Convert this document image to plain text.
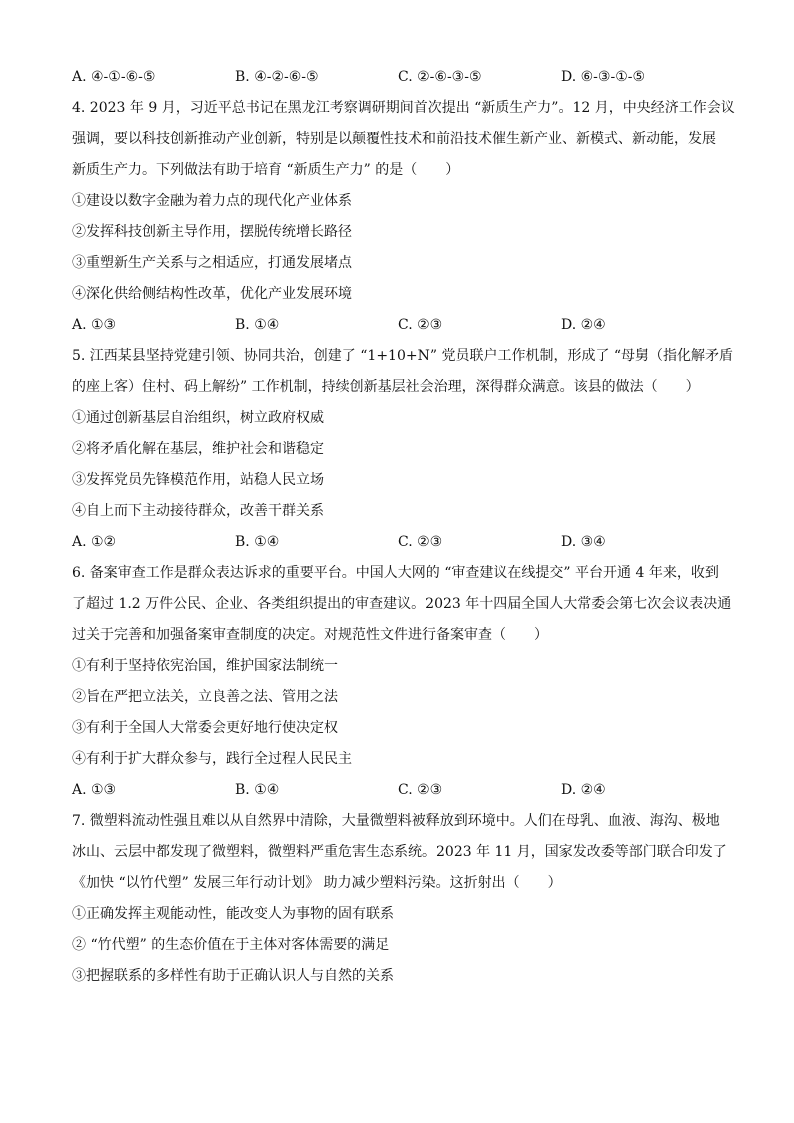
A. ④-①-⑥-⑤	B. ④-②-⑥-⑤	C. ②-⑥-③-⑤	D. ⑥-③-①-⑤
4. 2023 年 9 月，习近平总书记在黑龙江考察调研期间首次提出 “新质生产力”。12 月，中央经济工作会议
强调，要以科技创新推动产业创新，特别是以颠覆性技术和前沿技术催生新产业、新模式、新动能，发展
新质生产力。下列做法有助于培育 “新质生产力” 的是（　　）
①建设以数字金融为着力点的现代化产业体系
②发挥科技创新主导作用，摆脱传统增长路径
③重塑新生产关系与之相适应，打通发展堵点
④深化供给侧结构性改革，优化产业发展环境
A. ①③	B. ①④	C. ②③	D. ②④
5. 江西某县坚持党建引领、协同共治，创建了 “1+10+N” 党员联户工作机制，形成了 “母舅（指化解矛盾
的座上客）住村、码上解纷” 工作机制，持续创新基层社会治理，深得群众满意。该县的做法（　　）
①通过创新基层自治组织，树立政府权威
②将矛盾化解在基层，维护社会和谐稳定
③发挥党员先锋模范作用，站稳人民立场
④自上而下主动接待群众，改善干群关系
A. ①②	B. ①④	C. ②③	D. ③④
6. 备案审查工作是群众表达诉求的重要平台。中国人大网的 “审查建议在线提交” 平台开通 4 年来，收到
了超过 1.2 万件公民、企业、各类组织提出的审查建议。2023 年十四届全国人大常委会第七次会议表决通
过关于完善和加强备案审查制度的决定。对规范性文件进行备案审查（　　）
①有利于坚持依宪治国，维护国家法制统一
②旨在严把立法关，立良善之法、管用之法
③有利于全国人大常委会更好地行使决定权
④有利于扩大群众参与，践行全过程人民民主
A. ①③	B. ①④	C. ②③	D. ②④
7. 微塑料流动性强且难以从自然界中清除，大量微塑料被释放到环境中。人们在母乳、血液、海沟、极地
冰山、云层中都发现了微塑料，微塑料严重危害生态系统。2023 年 11 月，国家发改委等部门联合印发了
《加快 “以竹代塑” 发展三年行动计划》 助力减少塑料污染。这折射出（　　）
①正确发挥主观能动性，能改变人为事物的固有联系
② “竹代塑” 的生态价值在于主体对客体需要的满足
③把握联系的多样性有助于正确认识人与自然的关系
